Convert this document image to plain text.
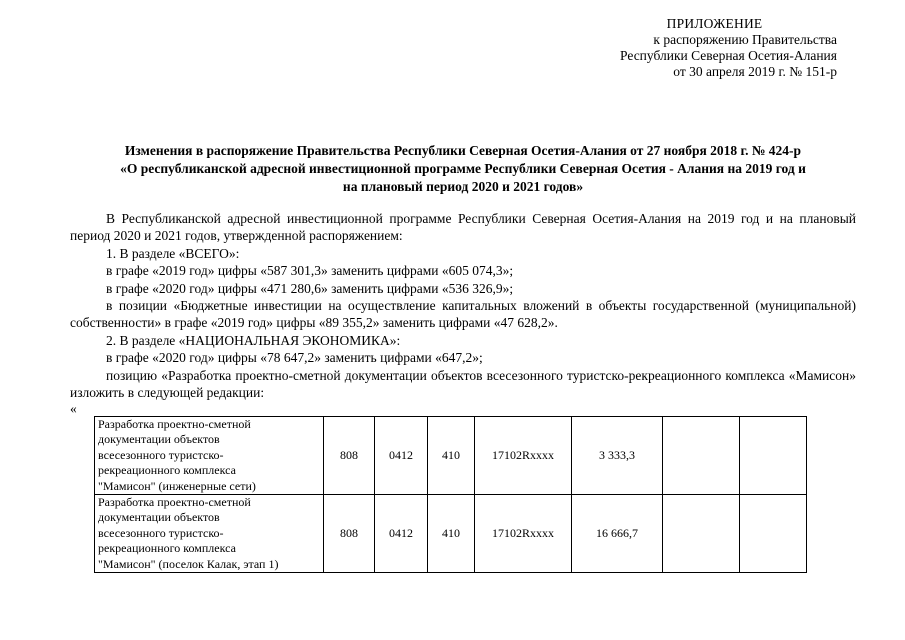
ПРИЛОЖЕНИЕ
к распоряжению Правительства
Республики Северная Осетия-Алания
от 30 апреля 2019 г. № 151-р
Изменения в распоряжение Правительства Республики Северная Осетия-Алания от 27 ноября 2018 г. № 424-р
«О республиканской адресной инвестиционной программе Республики Северная Осетия - Алания на 2019 год и
на плановый период 2020 и 2021 годов»

В Республиканской адресной инвестиционной программе Республики Северная Осетия-Алания на 2019 год и на плановый период 2020 и 2021 годов, утвержденной распоряжением:

1. В разделе «ВСЕГО»:

в графе «2019 год» цифры «587 301,3» заменить цифрами «605 074,3»;

в графе «2020 год» цифры «471 280,6» заменить цифрами «536 326,9»;

в позиции «Бюджетные инвестиции на осуществление капитальных вложений в объекты государственной (муниципальной) собственности» в графе «2019 год» цифры «89 355,2» заменить цифрами «47 628,2».

2. В разделе «НАЦИОНАЛЬНАЯ ЭКОНОМИКА»:

в графе «2020 год» цифры «78 647,2» заменить цифрами «647,2»;

позицию «Разработка проектно-сметной документации объектов всесезонного туристско-рекреационного комплекса «Мамисон» изложить в следующей редакции:

«
Разработка проектно-сметной
документации объектов
всесезонного туристско-
рекреационного комплекса
"Мамисон" (инженерные сети)	808	0412	410	17102Rxxxx	3 333,3		

Разработка проектно-сметной
документации объектов
всесезонного туристско-
рекреационного комплекса
"Мамисон" (поселок Калак, этап 1)	808	0412	410	17102Rxxxx	16 666,7		
